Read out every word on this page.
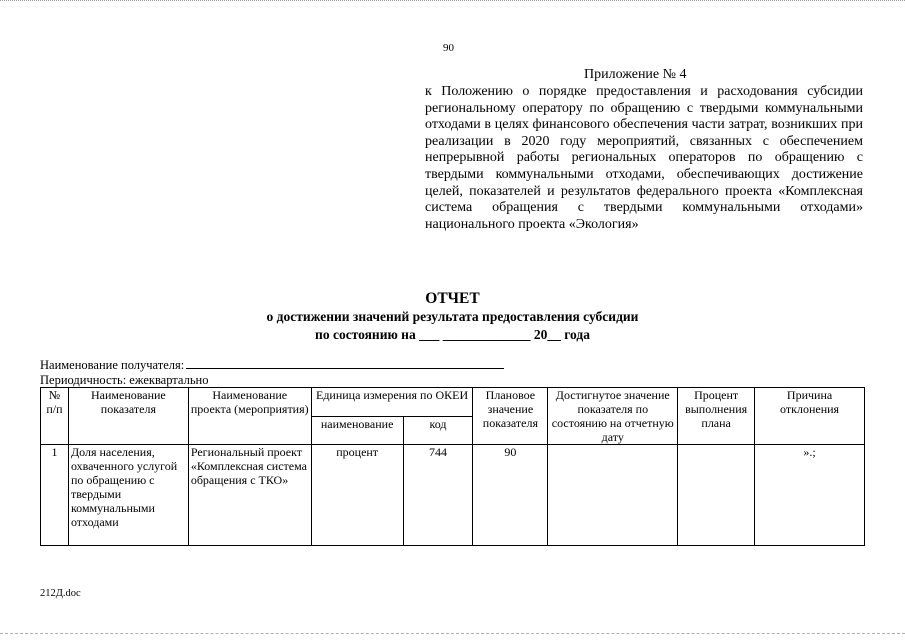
90
Приложение № 4
к Положению о порядке предоставления и расходования субсидии региональному оператору по обращению с твердыми коммунальными отходами в целях финансового обеспечения части затрат, возникших при реализации в 2020 году мероприятий, связанных с обеспечением непрерывной работы региональных операторов по обращению с твердыми коммунальными отходами, обеспечивающих достижение целей, показателей и результатов федерального проекта «Комплексная система обращения с твердыми коммунальными отходами» национального проекта «Экология»
ОТЧЕТ
о достижении значений результата предоставления субсидии
по состоянию на ___ _____________ 20__ года
Наименование получателя:
Периодичность: ежеквартально
№ п/п	Наименование показателя	Наименование проекта (мероприятия)	Единица измерения по ОКЕИ		Плановое значение показателя	Достигнутое значение показателя по состоянию на отчетную дату	Процент выполнения плана	Причина отклонения
			наименование	код				
1	Доля населения, охваченного услугой по обращению с твердыми коммунальными отходами	Региональный проект «Комплексная система обращения с ТКО»	процент	744	90			».;
212Д.doc
